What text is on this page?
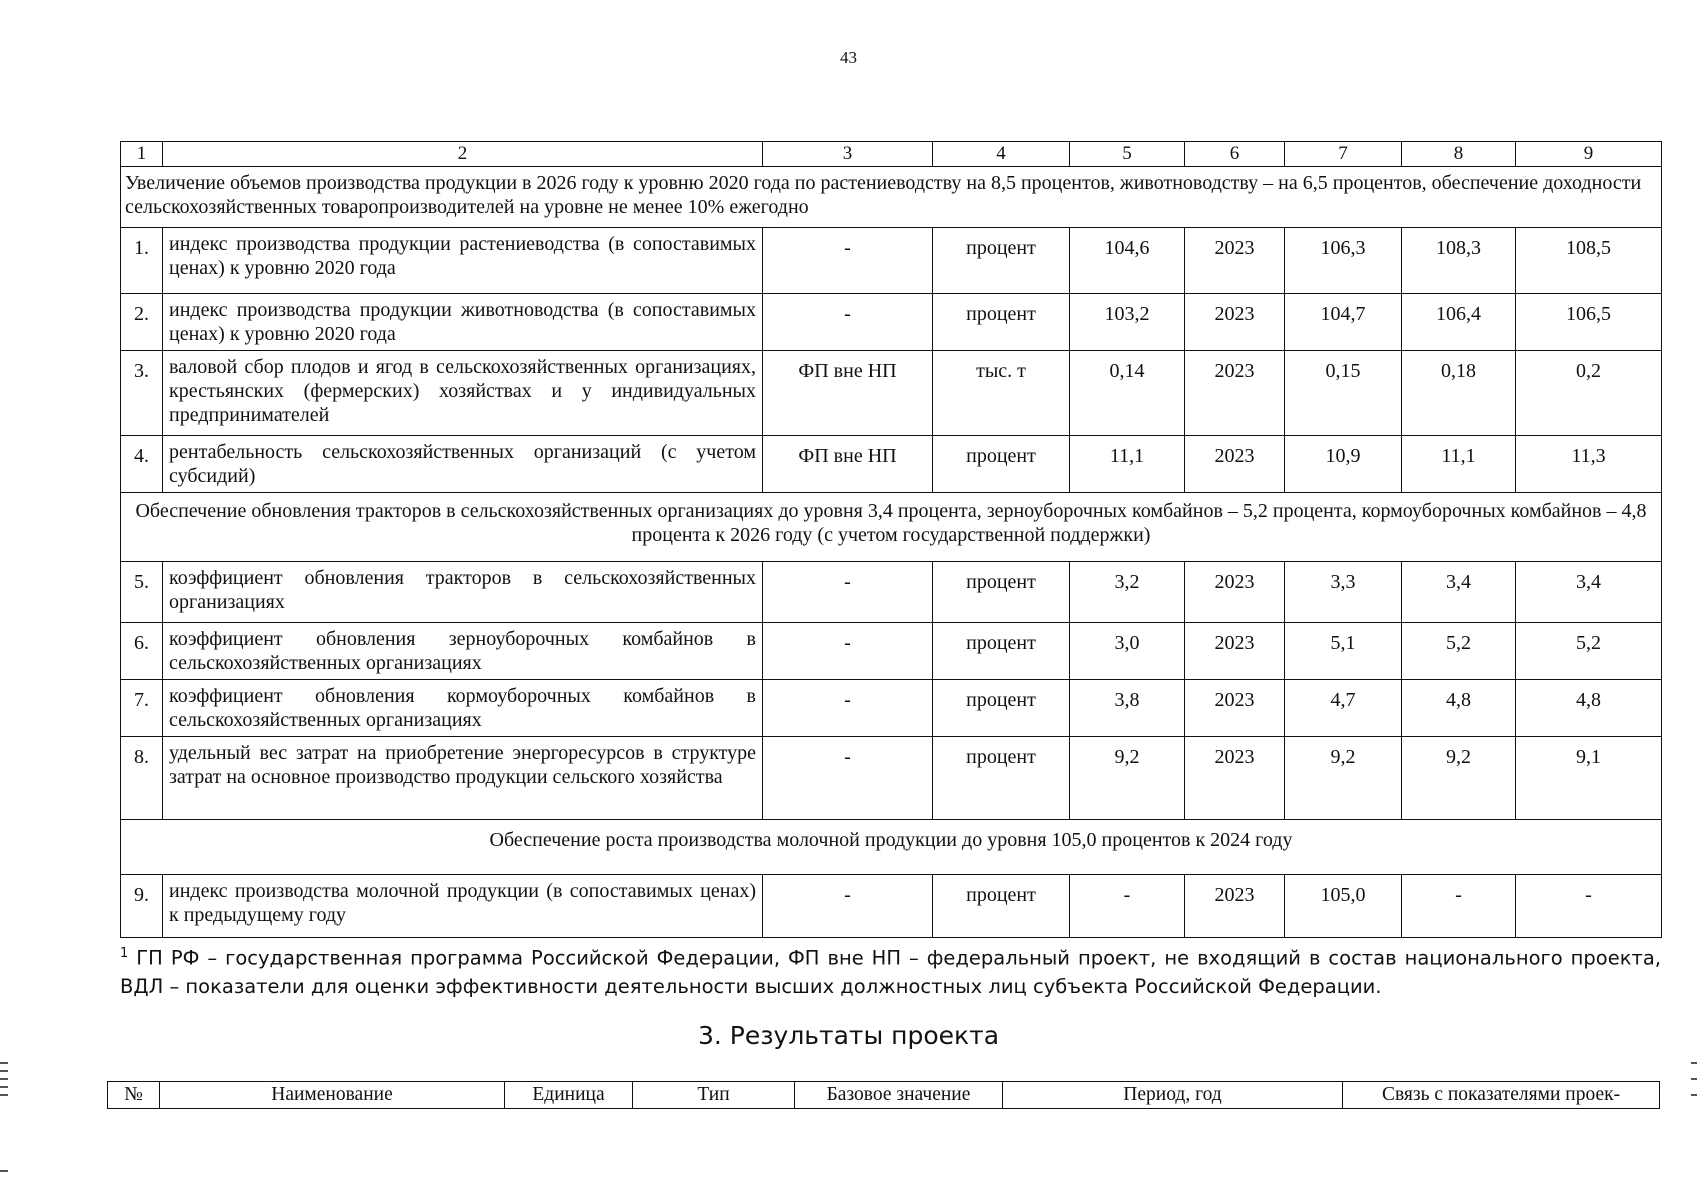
43
1	2	3	4	5	6	7	8	9
Увеличение объемов производства продукции в 2026 году к уровню 2020 года по растениеводству на 8,5 процентов, животноводству – на 6,5 процентов, обеспечение доходности сельскохозяйственных товаропроизводителей на уровне не менее 10% ежегодно								
1.	индекс производства продукции растениеводства (в сопоставимых ценах) к уровню 2020 года	-	процент	104,6	2023	106,3	108,3	108,5
2.	индекс производства продукции животноводства (в сопоставимых ценах) к уровню 2020 года	-	процент	103,2	2023	104,7	106,4	106,5
3.	валовой сбор плодов и ягод в сельскохозяйственных организациях, крестьянских (фермерских) хозяйствах и у индивидуальных предпринимателей	ФП вне НП	тыс. т	0,14	2023	0,15	0,18	0,2
4.	рентабельность сельскохозяйственных организаций (с учетом субсидий)	ФП вне НП	процент	11,1	2023	10,9	11,1	11,3
Обеспечение обновления тракторов в сельскохозяйственных организациях до уровня 3,4 процента, зерноуборочных комбайнов – 5,2 процента, кормоуборочных комбайнов – 4,8 процента к 2026 году (с учетом государственной поддержки)								
5.	коэффициент обновления тракторов в сельскохозяйственных организациях	-	процент	3,2	2023	3,3	3,4	3,4
6.	коэффициент обновления зерноуборочных комбайнов в сельскохозяйственных организациях	-	процент	3,0	2023	5,1	5,2	5,2
7.	коэффициент обновления кормоуборочных комбайнов в сельскохозяйственных организациях	-	процент	3,8	2023	4,7	4,8	4,8
8.	удельный вес затрат на приобретение энергоресурсов в структуре затрат на основное производство продукции сельского хозяйства	-	процент	9,2	2023	9,2	9,2	9,1
Обеспечение роста производства молочной продукции до уровня 105,0 процентов к 2024 году								
9.	индекс производства молочной продукции (в сопоставимых ценах) к предыдущему году	-	процент	-	2023	105,0	-	-
$^1$ ГП РФ – государственная программа Российской Федерации, ФП вне НП – федеральный проект, не входящий в состав национального проекта, ВДЛ – показатели для оценки эффективности деятельности высших должностных лиц субъекта Российской Федерации.
3. Результаты проекта
№	Наименование	Единица	Тип	Базовое значение	Период, год	Связь с показателями проек-
